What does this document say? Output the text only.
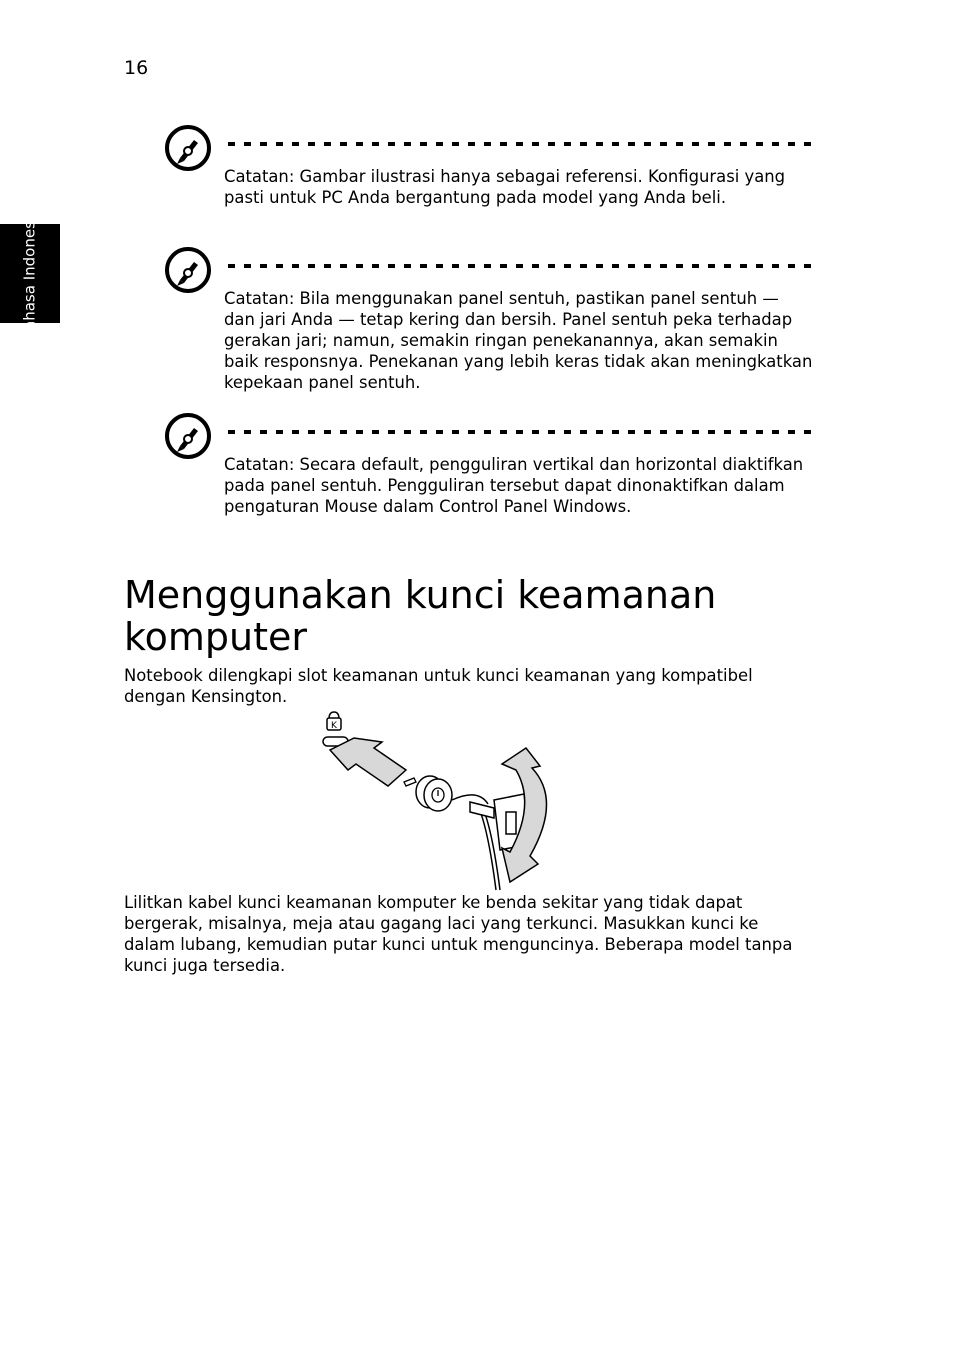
16
Bahasa Indonesia
Catatan: Gambar ilustrasi hanya sebagai referensi. Konfigurasi yang pasti untuk PC Anda bergantung pada model yang Anda beli.
Catatan: Bila menggunakan panel sentuh, pastikan panel sentuh — dan jari Anda — tetap kering dan bersih. Panel sentuh peka terhadap gerakan jari; namun, semakin ringan penekanannya, akan semakin baik responsnya. Penekanan yang lebih keras tidak akan meningkatkan kepekaan panel sentuh.
Catatan: Secara default, pengguliran vertikal dan horizontal diaktifkan pada panel sentuh. Pengguliran tersebut dapat dinonaktifkan dalam pengaturan Mouse dalam Control Panel Windows.
Menggunakan kunci keamanan komputer

Notebook dilengkapi slot keamanan untuk kunci keamanan yang kompatibel dengan Kensington.

K

Lilitkan kabel kunci keamanan komputer ke benda sekitar yang tidak dapat bergerak, misalnya, meja atau gagang laci yang terkunci. Masukkan kunci ke dalam lubang, kemudian putar kunci untuk menguncinya. Beberapa model tanpa kunci juga tersedia.
